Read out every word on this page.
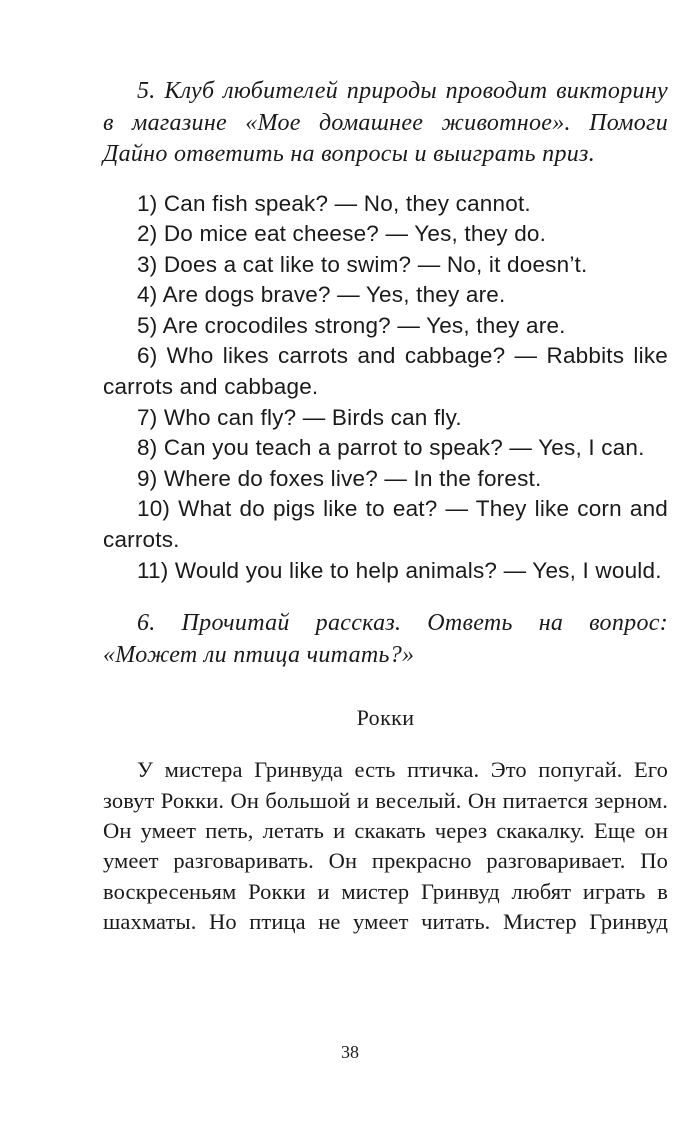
5. Клуб любителей природы проводит викторину в магазине «Мое домашнее животное». Помоги Дайно ответить на вопросы и выиграть приз.

1) Can fish speak? — No, they cannot.
2) Do mice eat cheese? — Yes, they do.
3) Does a cat like to swim? — No, it doesn’t.
4) Are dogs brave? — Yes, they are.
5) Are crocodiles strong? — Yes, they are.
6) Who likes carrots and cabbage? — Rabbits like carrots and cabbage.
7) Who can fly? — Birds can fly.
8) Can you teach a parrot to speak? — Yes, I can.
9) Where do foxes live? — In the forest.
10) What do pigs like to eat? — They like corn and carrots.
11) Would you like to help animals? — Yes, I would.

6. Прочитай рассказ. Ответь на вопрос: «Может ли птица читать?»

Рокки

У мистера Гринвуда есть птичка. Это попугай. Его зовут Рокки. Он большой и веселый. Он питается зерном. Он умеет петь, летать и скакать через скакалку. Еще он умеет разговаривать. Он прекрасно разговаривает. По воскресеньям Рокки и мистер Гринвуд любят играть в шахматы. Но птица не умеет читать. Мистер Гринвуд

38
